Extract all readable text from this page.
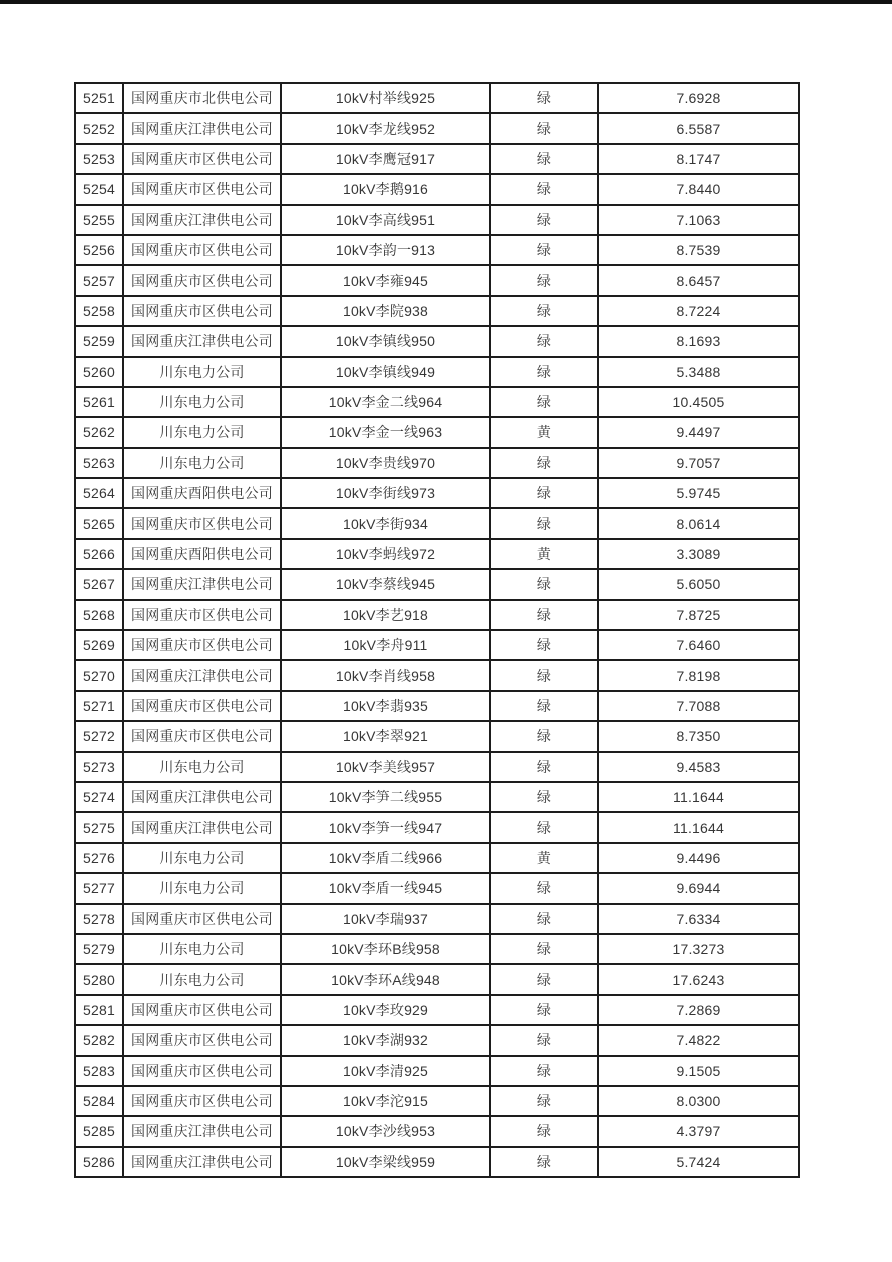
5251	国网重庆市北供电公司	10kV村举线925	绿	7.6928
5252	国网重庆江津供电公司	10kV李龙线952	绿	6.5587
5253	国网重庆市区供电公司	10kV李鹰冠917	绿	8.1747
5254	国网重庆市区供电公司	10kV李鹅916	绿	7.8440
5255	国网重庆江津供电公司	10kV李高线951	绿	7.1063
5256	国网重庆市区供电公司	10kV李韵一913	绿	8.7539
5257	国网重庆市区供电公司	10kV李雍945	绿	8.6457
5258	国网重庆市区供电公司	10kV李院938	绿	8.7224
5259	国网重庆江津供电公司	10kV李镇线950	绿	8.1693
5260	川东电力公司	10kV李镇线949	绿	5.3488
5261	川东电力公司	10kV李金二线964	绿	10.4505
5262	川东电力公司	10kV李金一线963	黄	9.4497
5263	川东电力公司	10kV李贵线970	绿	9.7057
5264	国网重庆酉阳供电公司	10kV李街线973	绿	5.9745
5265	国网重庆市区供电公司	10kV李街934	绿	8.0614
5266	国网重庆酉阳供电公司	10kV李蚂线972	黄	3.3089
5267	国网重庆江津供电公司	10kV李蔡线945	绿	5.6050
5268	国网重庆市区供电公司	10kV李艺918	绿	7.8725
5269	国网重庆市区供电公司	10kV李舟911	绿	7.6460
5270	国网重庆江津供电公司	10kV李肖线958	绿	7.8198
5271	国网重庆市区供电公司	10kV李翡935	绿	7.7088
5272	国网重庆市区供电公司	10kV李翠921	绿	8.7350
5273	川东电力公司	10kV李美线957	绿	9.4583
5274	国网重庆江津供电公司	10kV李笋二线955	绿	11.1644
5275	国网重庆江津供电公司	10kV李笋一线947	绿	11.1644
5276	川东电力公司	10kV李盾二线966	黄	9.4496
5277	川东电力公司	10kV李盾一线945	绿	9.6944
5278	国网重庆市区供电公司	10kV李瑞937	绿	7.6334
5279	川东电力公司	10kV李环B线958	绿	17.3273
5280	川东电力公司	10kV李环A线948	绿	17.6243
5281	国网重庆市区供电公司	10kV李玫929	绿	7.2869
5282	国网重庆市区供电公司	10kV李湖932	绿	7.4822
5283	国网重庆市区供电公司	10kV李清925	绿	9.1505
5284	国网重庆市区供电公司	10kV李沱915	绿	8.0300
5285	国网重庆江津供电公司	10kV李沙线953	绿	4.3797
5286	国网重庆江津供电公司	10kV李梁线959	绿	5.7424
